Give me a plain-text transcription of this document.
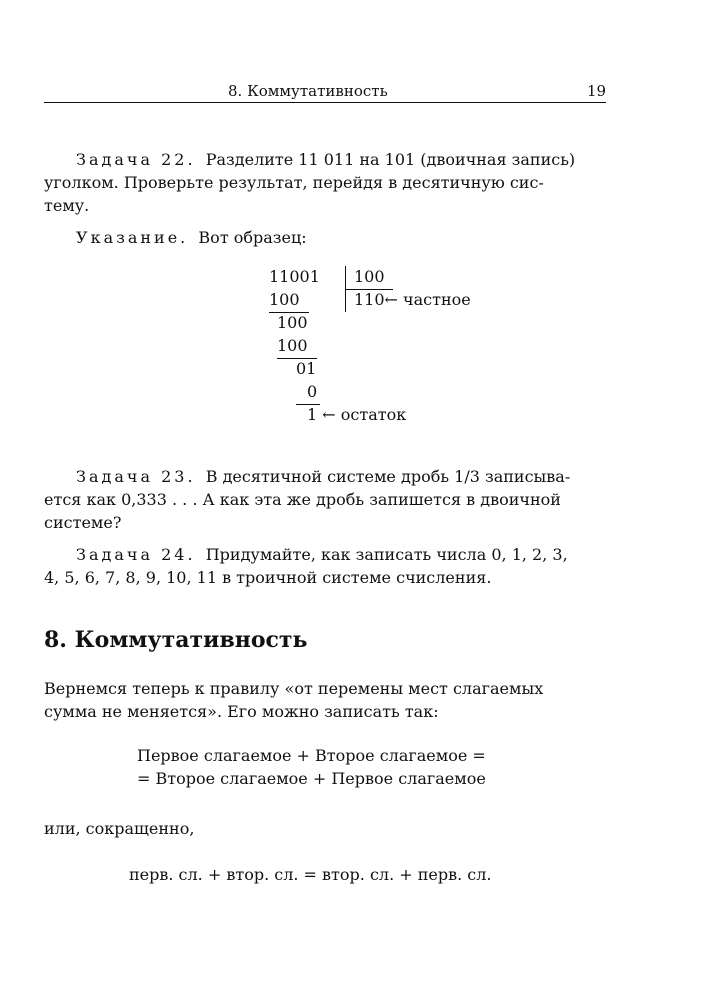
8. Коммутативность	19
Задача 22. Разделите 11 011 на 101 (двоичная запись)
уголком. Проверьте результат, перейдя в десятичную сис-
тему.
Указание. Вот образец:
11001 100
100	110← частное
100
100
01
0
1 ← остаток
Задача 23. В десятичной системе дробь 1/3 записыва-
ется как 0,333 . . . А как эта же дробь запишется в двоичной
системе?
Задача 24. Придумайте, как записать числа 0, 1, 2, 3,
4, 5, 6, 7, 8, 9, 10, 11 в троичной системе счисления.
8. Коммутативность
Вернемся теперь к правилу «от перемены мест слагаемых
сумма не меняется». Его можно записать так:
Первое слагаемое + Второе слагаемое =
= Второе слагаемое + Первое слагаемое
или, сокращенно,
перв. сл. + втор. сл. = втор. сл. + перв. сл.
